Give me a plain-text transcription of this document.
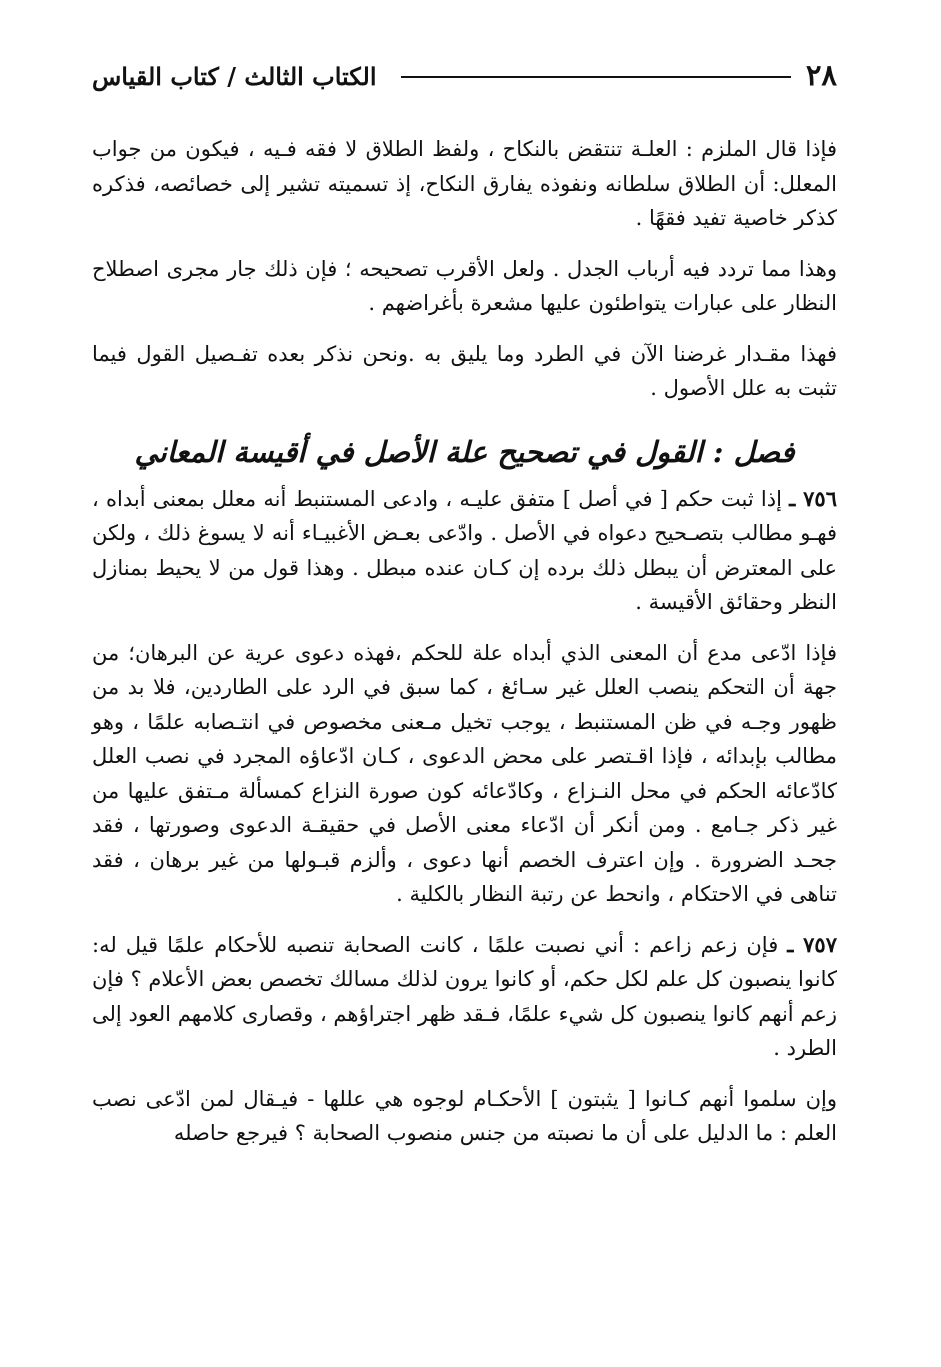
٢٨
الكتاب الثالث / كتاب القياس

فإذا قال الملزم : العلـة تنتقض بالنكاح ، ولفظ الطلاق لا فقه فـيه ، فيكون من جواب المعلل: أن الطلاق سلطانه ونفوذه يفارق النكاح، إذ تسميته تشير إلى خصائصه، فذكره كذكر خاصية تفيد فقهًا .

وهذا مما تردد فيه أرباب الجدل . ولعل الأقرب تصحيحه ؛ فإن ذلك جار مجرى اصطلاح النظار على عبارات يتواطئون عليها مشعرة بأغراضهم .

فهذا مقـدار غرضنا الآن في الطرد وما يليق به .ونحن نذكر بعده تفـصيل القول فيما تثبت به علل الأصول .

فصل : القول في تصحيح علة الأصل في أقيسة المعاني

٧٥٦ ـ إذا ثبت حكم [ في أصل ] متفق عليـه ، وادعى المستنبط أنه معلل بمعنى أبداه ، فهـو مطالب بتصـحيح دعواه في الأصل . وادّعى بعـض الأغبيـاء أنه لا يسوغ ذلك ، ولكن على المعترض أن يبطل ذلك برده إن كـان عنده مبطل . وهذا قول من لا يحيط بمنازل النظر وحقائق الأقيسة .

فإذا ادّعى مدع أن المعنى الذي أبداه علة للحكم ،فهذه دعوى عرية عن البرهان؛ من جهة أن التحكم ينصب العلل غير سـائغ ، كما سبق في الرد على الطاردين، فلا بد من ظهور وجـه في ظن المستنبط ، يوجب تخيل مـعنى مخصوص في انتـصابه علمًا ، وهو مطالب بإبدائه ، فإذا اقـتصر على محض الدعوى ، كـان ادّعاؤه المجرد في نصب العلل كادّعائه الحكم في محل النـزاع ، وكادّعائه كون صورة النزاع كمسألة مـتفق عليها من غير ذكر جـامع . ومن أنكر أن ادّعاء معنى الأصل في حقيقـة الدعوى وصورتها ، فقد جحـد الضرورة . وإن اعترف الخصم أنها دعوى ، وألزم قبـولها من غير برهان ، فقد تناهى في الاحتكام ، وانحط عن رتبة النظار بالكلية .

٧٥٧ ـ فإن زعم زاعم : أني نصبت علمًا ، كانت الصحابة تنصبه للأحكام علمًا قيل له: كانوا ينصبون كل علم لكل حكم، أو كانوا يرون لذلك مسالك تخصص بعض الأعلام ؟ فإن زعم أنهم كانوا ينصبون كل شيء علمًا، فـقد ظهر اجتراؤهم ، وقصارى كلامهم العود إلى الطرد .

وإن سلموا أنهم كـانوا [ يثبتون ] الأحكـام لوجوه هي عللها - فيـقال لمن ادّعى نصب العلم : ما الدليل على أن ما نصبته من جنس منصوب الصحابة ؟ فيرجع حاصله
